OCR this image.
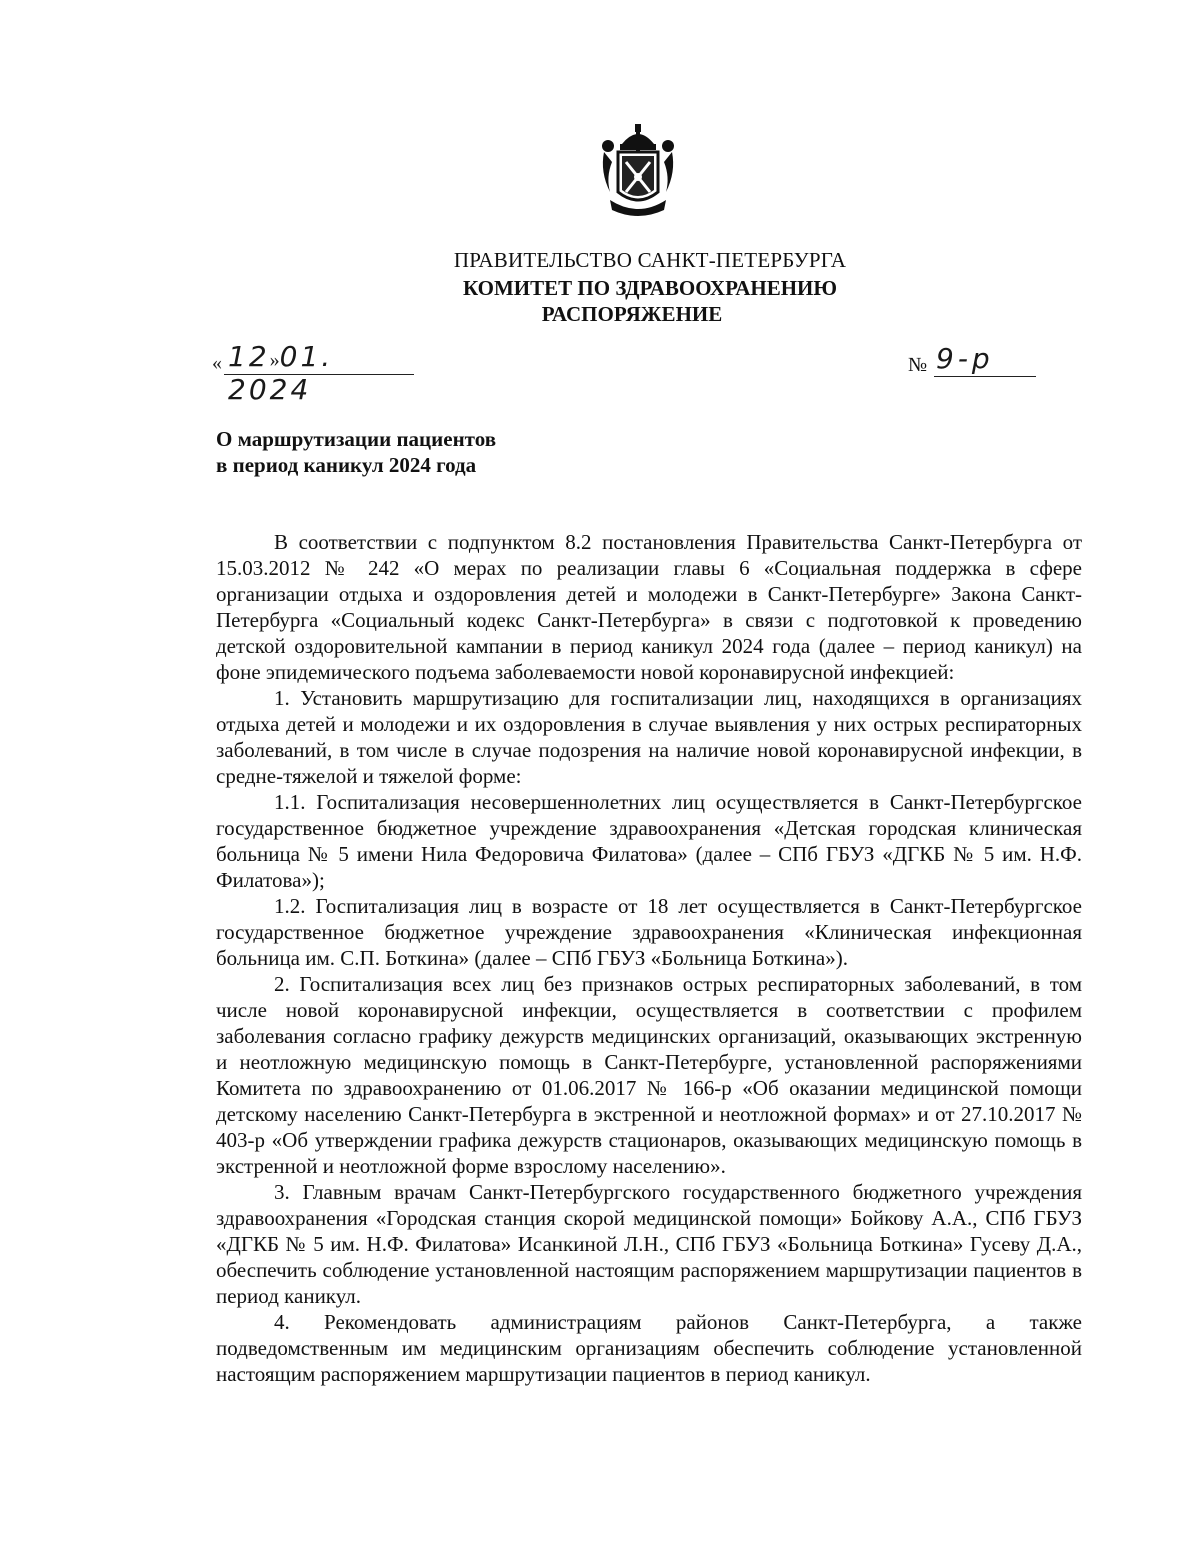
ПРАВИТЕЛЬСТВО САНКТ-ПЕТЕРБУРГА
КОМИТЕТ ПО ЗДРАВООХРАНЕНИЮ
РАСПОРЯЖЕНИЕ
« 12»01. 2024
№ 9-р
О маршрутизации пациентов
в период каникул 2024 года

В соответствии с подпунктом 8.2 постановления Правительства Санкт-Петербурга от 15.03.2012 № 242 «О мерах по реализации главы 6 «Социальная поддержка в сфере организации отдыха и оздоровления детей и молодежи в Санкт-Петербурге» Закона Санкт-Петербурга «Социальный кодекс Санкт-Петербурга» в связи с подготовкой к проведению детской оздоровительной кампании в период каникул 2024 года (далее – период каникул) на фоне эпидемического подъема заболеваемости новой коронавирусной инфекцией:

1. Установить маршрутизацию для госпитализации лиц, находящихся в организациях отдыха детей и молодежи и их оздоровления в случае выявления у них острых респираторных заболеваний, в том числе в случае подозрения на наличие новой коронавирусной инфекции, в средне-тяжелой и тяжелой форме:

1.1. Госпитализация несовершеннолетних лиц осуществляется в Санкт-Петербургское государственное бюджетное учреждение здравоохранения «Детская городская клиническая больница № 5 имени Нила Федоровича Филатова» (далее – СПб ГБУЗ «ДГКБ № 5 им. Н.Ф. Филатова»);

1.2. Госпитализация лиц в возрасте от 18 лет осуществляется в Санкт-Петербургское государственное бюджетное учреждение здравоохранения «Клиническая инфекционная больница им. С.П. Боткина» (далее – СПб ГБУЗ «Больница Боткина»).

2. Госпитализация всех лиц без признаков острых респираторных заболеваний, в том числе новой коронавирусной инфекции, осуществляется в соответствии с профилем заболевания согласно графику дежурств медицинских организаций, оказывающих экстренную и неотложную медицинскую помощь в Санкт-Петербурге, установленной распоряжениями Комитета по здравоохранению от 01.06.2017 № 166-р «Об оказании медицинской помощи детскому населению Санкт-Петербурга в экстренной и неотложной формах» и от 27.10.2017 № 403-р «Об утверждении графика дежурств стационаров, оказывающих медицинскую помощь в экстренной и неотложной форме взрослому населению».

3. Главным врачам Санкт-Петербургского государственного бюджетного учреждения здравоохранения «Городская станция скорой медицинской помощи» Бойкову А.А., СПб ГБУЗ «ДГКБ № 5 им. Н.Ф. Филатова» Исанкиной Л.Н., СПб ГБУЗ «Больница Боткина» Гусеву Д.А., обеспечить соблюдение установленной настоящим распоряжением маршрутизации пациентов в период каникул.

4. Рекомендовать администрациям районов Санкт-Петербурга, а также подведомственным им медицинским организациям обеспечить соблюдение установленной настоящим распоряжением маршрутизации пациентов в период каникул.
